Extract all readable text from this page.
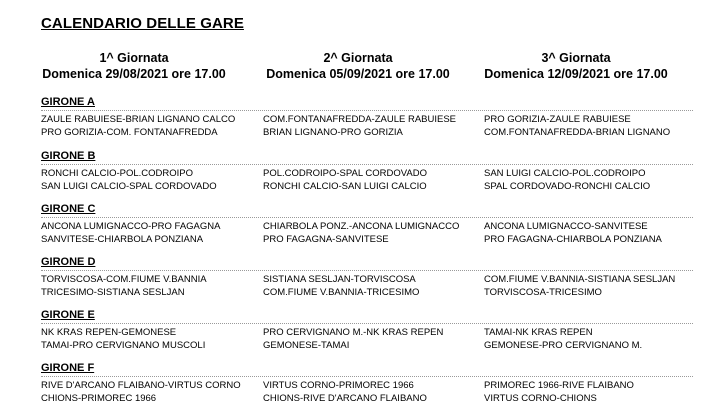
CALENDARIO DELLE GARE
1^ Giornata
Domenica 29/08/2021 ore 17.00
2^ Giornata
Domenica 05/09/2021 ore 17.00
3^ Giornata
Domenica 12/09/2021 ore 17.00
GIRONE A
ZAULE RABUIESE-BRIAN LIGNANO CALCO
PRO GORIZIA-COM. FONTANAFREDDA
COM.FONTANAFREDDA-ZAULE RABUIESE
BRIAN LIGNANO-PRO GORIZIA
PRO GORIZIA-ZAULE RABUIESE
COM.FONTANAFREDDA-BRIAN LIGNANO
GIRONE B
RONCHI CALCIO-POL.CODROIPO
SAN LUIGI CALCIO-SPAL CORDOVADO
POL.CODROIPO-SPAL CORDOVADO
RONCHI CALCIO-SAN LUIGI CALCIO
SAN LUIGI CALCIO-POL.CODROIPO
SPAL CORDOVADO-RONCHI CALCIO
GIRONE C
ANCONA LUMIGNACCO-PRO FAGAGNA
SANVITESE-CHIARBOLA PONZIANA
CHIARBOLA PONZ.-ANCONA LUMIGNACCO
PRO FAGAGNA-SANVITESE
ANCONA LUMIGNACCO-SANVITESE
PRO FAGAGNA-CHIARBOLA PONZIANA
GIRONE D
TORVISCOSA-COM.FIUME V.BANNIA
TRICESIMO-SISTIANA SESLJAN
SISTIANA SESLJAN-TORVISCOSA
COM.FIUME V.BANNIA-TRICESIMO
COM.FIUME V.BANNIA-SISTIANA SESLJAN
TORVISCOSA-TRICESIMO
GIRONE E
NK KRAS REPEN-GEMONESE
TAMAI-PRO CERVIGNANO MUSCOLI
PRO CERVIGNANO M.-NK KRAS REPEN
GEMONESE-TAMAI
TAMAI-NK KRAS REPEN
GEMONESE-PRO CERVIGNANO M.
GIRONE F
RIVE D'ARCANO FLAIBANO-VIRTUS CORNO
CHIONS-PRIMOREC 1966
VIRTUS CORNO-PRIMOREC 1966
CHIONS-RIVE D'ARCANO FLAIBANO
PRIMOREC 1966-RIVE FLAIBANO
VIRTUS CORNO-CHIONS
